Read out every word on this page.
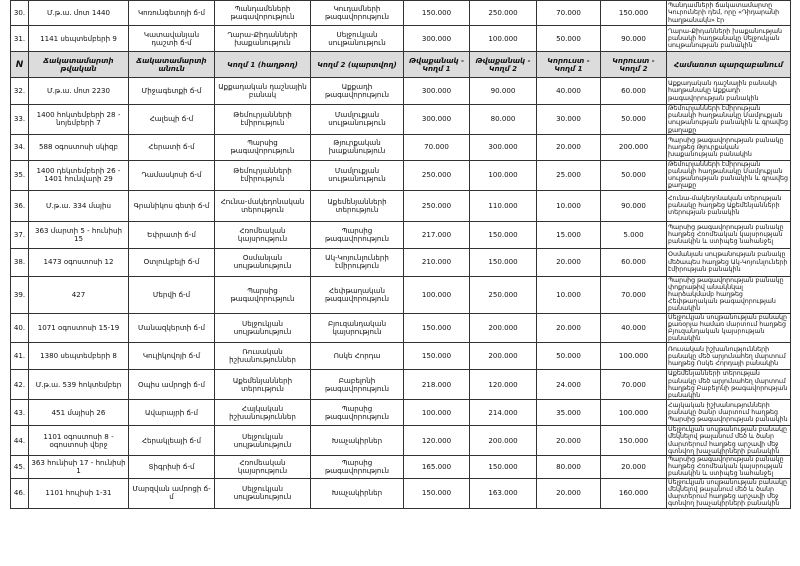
30.	Մ.թ.ա. մոտ 1440	Կոռունգետոյի ճ-մ	Պանդամեների թագավորություն	Կուդամների թագավորություն	150.000	250.000	70.000	150.000	Պանդամների ճակատամարտը Կուրուների դեմ, որը «Դիդարանի հաղթանակն» էր
31.	1141 սեպտեմբերի 9	Կատավանյան դաշտի ճ-մ	Ղարա-Քիդանների խաքանություն	Սելջուկյան սուլթանություն	300.000	100.000	50.000	90.000	Ղարա-Քիդանների խաքանության բանակի հաղթանակը Սելջուկյան սուլթանության բանակին
N	Ճակատամարտի թվական	Ճակատամարտի անուն	Կողմ 1 (հաղթող)	Կողմ 2 (պարտվող)	Թվաքանակ - Կողմ 1	Թվաքանակ - Կողմ 2	Կորուստ - Կողմ 1	Կորուստ - Կողմ 2	Համառոտ պարզաբանում
32.	Մ.թ.ա. մոտ 2230	Միջագետքի ճ-մ	Աքքադական դաշնային բանակ	Աքքադի թագավորություն	300.000	90.000	40.000	60.000	Աքքադական դաշնային բանակի հաղթանակը Աքքադի թագավորության բանակին
33.	1400 հոկտեմբերի 28 - նոյեմբերի 7	Հալեպի ճ-մ	Թեմուրյանների էմիրություն	Մամլուքյան սուլթանություն	300.000	80.000	30.000	50.000	Թեմուրյանների էմիրության բանակի հաղթանակը Մամլուքյան սուլթանության բանակին և գրավեց քաղաքը
34.	588 օգոստոսի սկիզբ	Հերատի ճ-մ	Պարսից թագավորություն	Թյուրքական խաքանություն	70.000	300.000	20.000	200.000	Պարսից թագավորության բանակը հաղթեց Թյուրքական խաքանության բանակին
35.	1400 դեկտեմբերի 26 - 1401 հունվարի 29	Դամասկոսի ճ-մ	Թեմուրյանների էմիրություն	Մամլուքյան սուլթանություն	250.000	100.000	25.000	50.000	Թեմուրյանների էմիրության բանակի հաղթանակը Մամլուքյան սուլթանության բանակին և գրավեց քաղաքը
36.	Մ.թ.ա. 334 մայիս	Գրանիկոս գետի ճ-մ	Հունա-մակեդոնական տերություն	Աքեմենյանների տերություն	250.000	110.000	10.000	90.000	Հունա-մակեդոնական տերության բանակը հաղթեց Աքեմենյանների տերության բանակին
37.	363 մարտի 5 - հունիսի 15	Եփրատի ճ-մ	Հռոմեական կայսրություն	Պարսից թագավորություն	217.000	150.000	15.000	5.000	Պարսից թագավորության բանակը հաղթեց Հռոմեական կայսրության բանակին և ստիպեց նահանջել
38.	1473 օգոստոսի 12	Օտլուկբելի ճ-մ	Օսմանյան սուլթանություն	Ակ-Կոյունլուների էմիրություն	210.000	150.000	20.000	60.000	Օսմանյան սուլթանության բանակը մեծապես հաղթեց Ակ-Կոյունլուների էմիրության բանակին
39.	427	Մերվի ճ-մ	Պարսից թագավորություն	Հեփթաղական թագավորություն	100.000	250.000	10.000	70.000	Պարսից թագավորության բանակը փոքրաթիվ անակնկալ հարձակմամբ հաղթեց Հեփթաղական թագավորության բանակին
40.	1071 օգոստոսի 15-19	Մանազկերտի ճ-մ	Սելջուկյան սուլթանություն	Բյուզանդական կայսրություն	150.000	200.000	20.000	40.000	Սելջուկյան սուլթանության բանակը քառօրյա համառ մարտում հաղթեց Բյուզանդական կայսրության բանակին
41.	1380 սեպտեմբերի 8	Կուլիկովոյի ճ-մ	Ռուսական իշխանություններ	Ոսկե Հորդա	150.000	200.000	50.000	100.000	Ռուսական իշխանությունների բանակը մեծ արյունահեղ մարտում հաղթեց Ոսկե Հորդայի բանակին
42.	Մ.թ.ա. 539 հոկտեմբեր	Օպիս ամրոցի ճ-մ	Աքեմենյանների տերություն	Բաբելոնի թագավորություն	218.000	120.000	24.000	70.000	Աքեմենյանների տերության բանակը մեծ արյունահեղ մարտում հաղթեց Բաբելոնի թագավորության բանակին
43.	451 մայիսի 26	Ավարայրի ճ-մ	Հայկական իշխանություններ	Պարսից թագավորություն	100.000	214.000	35.000	100.000	Հայկական իշխանությունների բանակը ծանր մարտում հաղթեց Պարսից թագավորության բանակին
44.	1101 օգոստոսի 8 - օգոստոսի վերջ	Հերակլեայի ճ-մ	Սելջուկյան սուլթանություն	Խաչակիրներ	120.000	200.000	20.000	150.000	Սելջուկյան սուլթանության բանակը մեկնելով թալանում մեծ և ծանր մարտերում հաղթեց արշավի մեջ գտնվող խաչակիրների բանակին
45.	363 հունիսի 17 - հունիսի 1	Տիգրիսի ճ-մ	Հռոմեական կայսրություն	Պարսից թագավորություն	165.000	150.000	80.000	20.000	Պարսից թագավորության բանակը հաղթեց Հռոմեական կայսրության բանակին և ստիպեց նահանջել
46.	1101 հուլիսի 1-31	Մարզվան ամրոցի ճ-մ	Սելջուկյան սուլթանություն	Խաչակիրներ	150.000	163.000	20.000	160.000	Սելջուկյան սուլթանության բանակը մեկնելով թալանում մեծ և ծանր մարտերում հաղթեց արշավի մեջ գտնվող խաչակիրների բանակին
